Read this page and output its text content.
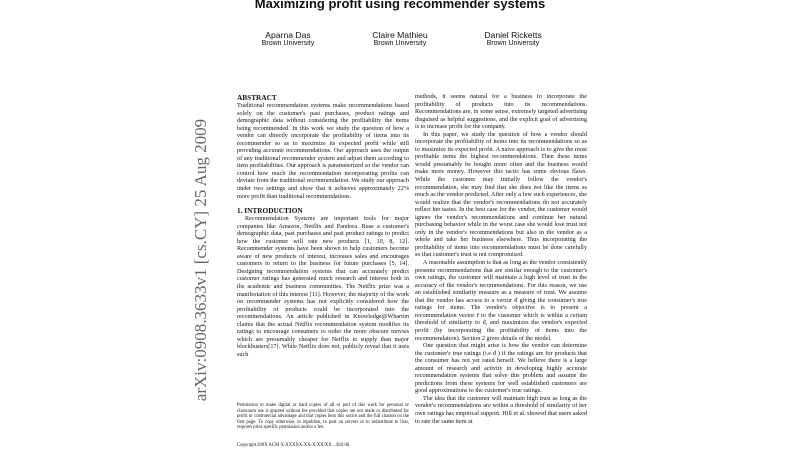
arXiv:0908.3633v1 [cs.CY] 25 Aug 2009
Maximizing profit using recommender systems
Aparna Das
Brown University
Claire Mathieu
Brown University
Daniel Ricketts
Brown University
ABSTRACT

Traditional recommendation systems make recommendations based solely on the customer's past purchases, product ratings and demographic data without considering the profitability the items being recommended. In this work we study the question of how a vendor can directly incorporate the profitability of items into its recommender so as to maximize its expected profit while still providing accurate recommendations. Our approach uses the output of any traditional recommender system and adjust them according to item profitabilities. Our approach is parameterized so the vendor can control how much the recommendation incorporating profits can deviate from the traditional recommendation. We study our approach under two settings and show that it achieves approximately 22% more profit than traditional recommendations.

1. INTRODUCTION

Recommendation Systems are important tools for major companies like Amazon, Netflix and Pandora. Ruse a customer's demographic data, past purchases and past product ratings to predict how the customer will rate new products [1, 10, 8, 12]. Recommender systems have been shown to help customers become aware of new products of interest, increases sales and encourages customers to return to the business for future purchases [5, 14]. Designing recommendation systems that can accurately predict customer ratings has generated much research and interest both in the academic and business communities. The Netflix prize was a manifestation of this interest [11]. However, the majority of the work on recommender systems has not explicitly considered how the profitability of products could be incorporated into the recommendations. An article published in Knowledge@Wharton claims that the actual Netflix recommendation system modifies its ratings to encourage consumers to order the more obscure movies which are presumably cheaper for Netflix to supply than major blockbusters[17]. While Netflix does not, publicly reveal that it uses such

Permission to make digital or hard copies of all or part of this work for personal or classroom use is granted without fee provided that copies are not made or distributed for profit or commercial advantage and that copies bear this notice and the full citation on the first page. To copy otherwise, to republish, to post on servers or to redistribute to lists, requires prior specific permission and/or a fee.
Copyright 200X ACM X-XXXXX-XX-X/XX/XX ...$10.00.

methods, it seems natural for a business to incorporate the profitability of products into its recommendations. Recommendations are, in some sense, extremely targeted advertising disguised as helpful suggestions, and the explicit goal of advertising is to increase profit for the company.

In this paper, we study the question of how a vendor should incorporate the profitability of items into its recommendations so as to maximize its expected profit. A naive approach is to give the most profitable items the highest recommendations. Then these items would presumably be bought more often and the business would make more money. However this tactic has some obvious flaws. While the customer may initially follow the vendor's recommendation, she may find that she does not like the items as much as the vendor predicted. After only a few such experiences, she would realize that the vendor's recommendations do not accurately reflect her tastes. In the best case for the vendor, the customer would ignore the vendor's recommendations and continue her natural purchasing behavior while in the worst case she would lose trust not only in the vendor's recommendations but also in the vendor as a whole and take her business elsewhere. Thus incorporating the profitability of items into recommendations must be done carefully so that customer's trust is not compromised.

A reasonable assumption is that as long as the vendor consistently presents recommendations that are similar enough to the customer's own ratings, the customer will maintain a high level of trust in the accuracy of the vendor's recommendations. For this reason, we use an established similarity measure as a measure of trust. We assume that the vendor has access to a vector đ giving the consumer's true ratings for items. The vendor's objective is to present a recommendation vector r̄ to the customer which is within a certain threshold of similarity to đ, and maximizes the vendor's expected profit (by incorporating the profitability of items into the recommendation). Section 2 gives details of the model.

One question that might arise is how the vendor can determine the customer's true ratings (i.e đ ) if the ratings are for products that the consumer has not yet rated herself. We believe there is a large amount of research and activity in developing highly accurate recommendation systems that solve this problem and assume the predictions from these systems for well established customers are good approximations to the customer's true ratings.

The idea that the customer will maintain high trust as long as the vendor's recommendations are within a threshold of similarity of her own ratings has empirical support. Hill et al. showed that users asked to rate the same item at
